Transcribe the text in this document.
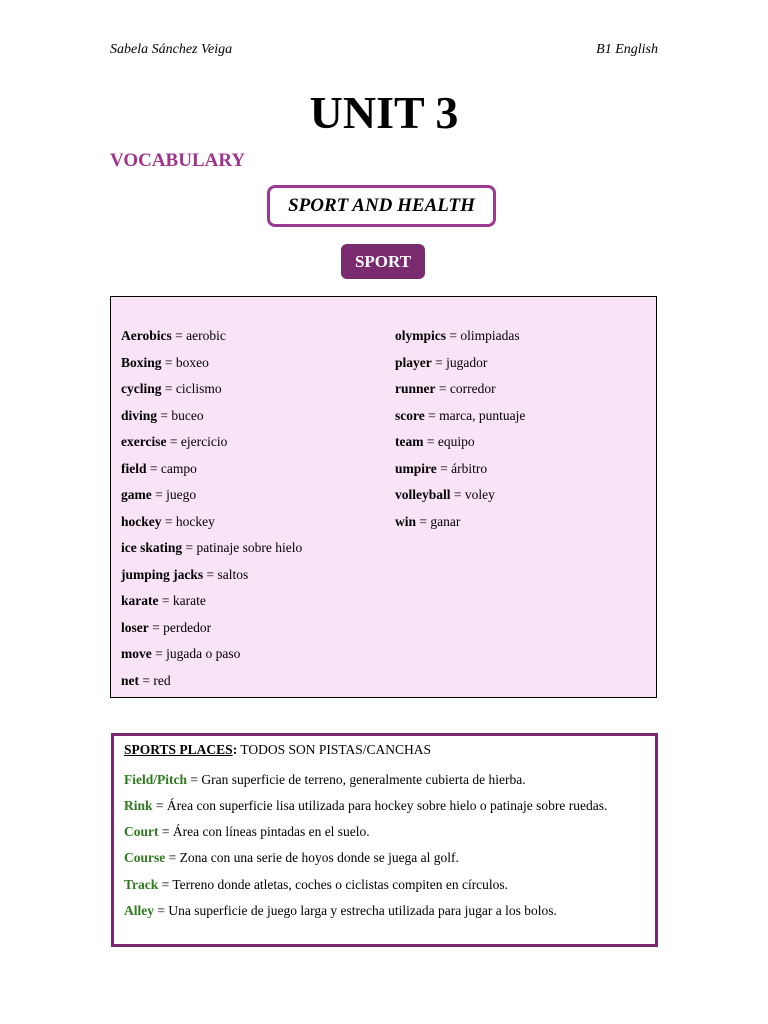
Sabela Sánchez Veiga	B1 English
UNIT 3
VOCABULARY
SPORT AND HEALTH
SPORT
Aerobics = aerobic
Boxing = boxeo
cycling = ciclismo
diving = buceo
exercise = ejercicio
field = campo
game = juego
hockey = hockey
ice skating = patinaje sobre hielo
jumping jacks = saltos
karate = karate
loser = perdedor
move = jugada o paso
net = red
olympics = olimpiadas
player = jugador
runner = corredor
score = marca, puntuaje
team = equipo
umpire = árbitro
volleyball = voley
win = ganar
SPORTS PLACES: TODOS SON PISTAS/CANCHAS
Field/Pitch = Gran superficie de terreno, generalmente cubierta de hierba.
Rink = Área con superficie lisa utilizada para hockey sobre hielo o patinaje sobre ruedas.
Court = Área con líneas pintadas en el suelo.
Course = Zona con una serie de hoyos donde se juega al golf.
Track = Terreno donde atletas, coches o ciclistas compiten en círculos.
Alley = Una superficie de juego larga y estrecha utilizada para jugar a los bolos.
